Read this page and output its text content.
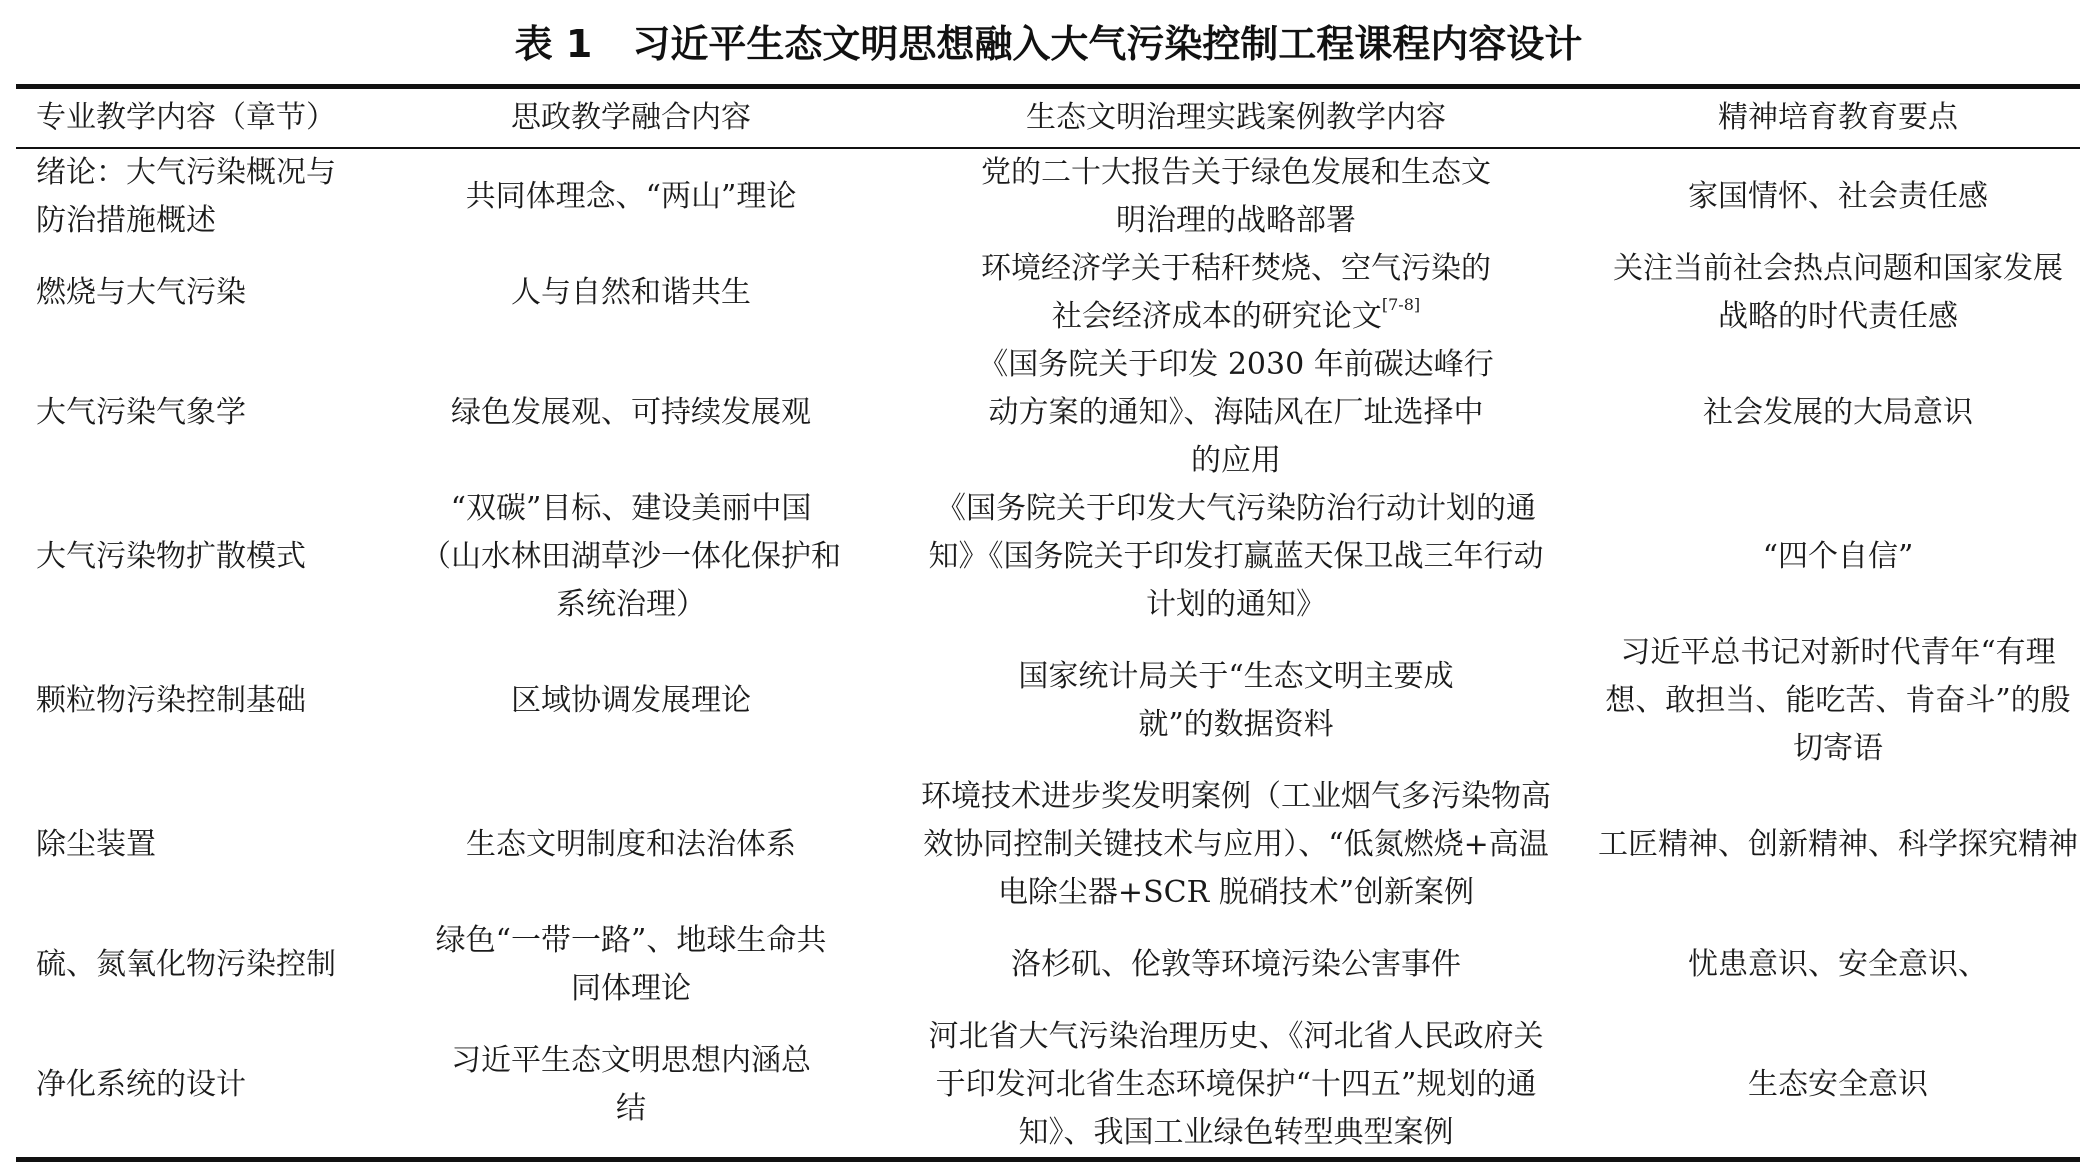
表 1 习近平生态文明思想融入大气污染控制工程课程内容设计
专业教学内容（章节）	思政教学融合内容	生态文明治理实践案例教学内容	精神培育教育要点

绪论：大气污染概况与防治措施概述	共同体理念、“两山”理论	党的二十大报告关于绿色发展和生态文明治理的战略部署	家国情怀、社会责任感

燃烧与大气污染	人与自然和谐共生	环境经济学关于秸秆焚烧、空气污染的社会经济成本的研究论文[7-8]	关注当前社会热点问题和国家发展战略的时代责任感

大气污染气象学	绿色发展观、可持续发展观	《国务院关于印发 2030 年前碳达峰行动方案的通知》、海陆风在厂址选择中的应用	社会发展的大局意识

大气污染物扩散模式	“双碳”目标、建设美丽中国（山水林田湖草沙一体化保护和系统治理）	《国务院关于印发大气污染防治行动计划的通知》《国务院关于印发打赢蓝天保卫战三年行动计划的通知》	“四个自信”

颗粒物污染控制基础	区域协调发展理论	国家统计局关于“生态文明主要成就”的数据资料	习近平总书记对新时代青年“有理想、敢担当、能吃苦、肯奋斗”的殷切寄语

除尘装置	生态文明制度和法治体系	环境技术进步奖发明案例（工业烟气多污染物高效协同控制关键技术与应用）、“低氮燃烧+高温电除尘器+SCR 脱硝技术”创新案例	工匠精神、创新精神、科学探究精神

硫、氮氧化物污染控制	绿色“一带一路”、地球生命共同体理论	洛杉矶、伦敦等环境污染公害事件	忧患意识、安全意识、

净化系统的设计	习近平生态文明思想内涵总结	河北省大气污染治理历史、《河北省人民政府关于印发河北省生态环境保护“十四五”规划的通知》、我国工业绿色转型典型案例	生态安全意识
